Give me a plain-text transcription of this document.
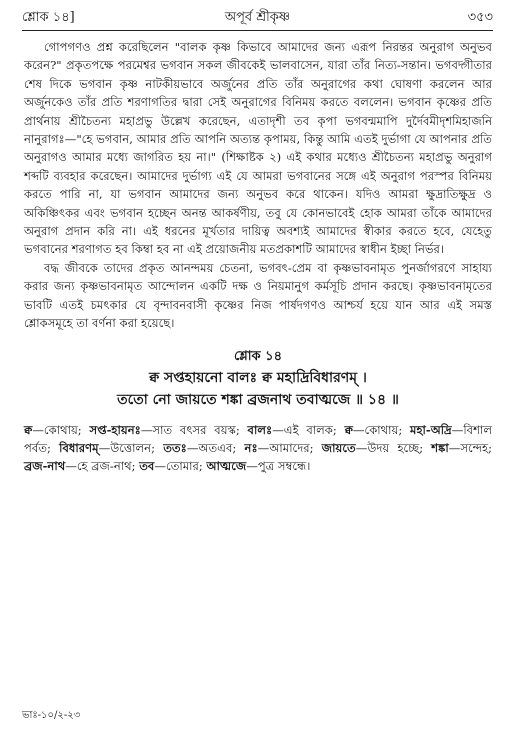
শ্লোক ১৪]	অপূর্ব শ্রীকৃষ্ণ	৩৫৩

গোপগণও প্রশ্ন করেছিলেন "বালক কৃষ্ণ কিভাবে আমাদের জন্য এরূপ নিরন্তর অনুরাগ অনুভব করেন?" প্রকৃতপক্ষে পরমেশ্বর ভগবান সকল জীবকেই ভালবাসেন, যারা তাঁর নিত্য-সন্তান। ভগবদ্গীতার শেষ দিকে ভগবান কৃষ্ণ নাটকীয়ভাবে অর্জুনের প্রতি তাঁর অনুরাগের কথা ঘোষণা করলেন আর অর্জুনকেও তাঁর প্রতি শরণাগতির দ্বারা সেই অনুরাগের বিনিময় করতে বললেন। ভগবান কৃষ্ণের প্রতি প্রার্থনায় শ্রীচৈতন্য মহাপ্রভু উল্লেখ করেছেন, এতাদৃশী তব কৃপা ভগবন্মমাপি দুর্দৈবমীদৃশমিহাজনি নানুরাগঃ—"হে ভগবান, আমার প্রতি আপনি অত্যন্ত কৃপাময়, কিন্তু আমি এতই দুর্ভাগা যে আপনার প্রতি অনুরাগও আমার মধ্যে জাগরিত হয় না।" (শিক্ষাষ্টক ২) এই কথার মধ্যেও শ্রীচৈতন্য মহাপ্রভু অনুরাগ শব্দটি ব্যবহার করেছেন। আমাদের দুর্ভাগ্য এই যে আমরা ভগবানের সঙ্গে এই অনুরাগ পরস্পর বিনিময় করতে পারি না, যা ভগবান আমাদের জন্য অনুভব করে থাকেন। যদিও আমরা ক্ষুদ্রাতিক্ষুদ্র ও অকিঞ্চিৎকর এবং ভগবান হচ্ছেন অনন্ত আকর্ষণীয়, তবু যে কোনভাবেই হোক আমরা তাঁকে আমাদের অনুরাগ প্রদান করি না। এই ধরনের মূর্খতার দায়িত্ব অবশ্যই আমাদের স্বীকার করতে হবে, যেহেতু ভগবানের শরণাগত হব কিম্বা হব না এই প্রয়োজনীয় মতপ্রকাশটি আমাদের স্বাধীন ইচ্ছা নির্ভর।

বদ্ধ জীবকে তাদের প্রকৃত আনন্দময় চেতনা, ভগবৎ-প্রেম বা কৃষ্ণভাবনামৃত পুনর্জাগরণে সাহায্য করার জন্য কৃষ্ণভাবনামৃত আন্দোলন একটি দক্ষ ও নিয়মানুগ কর্মসূচি প্রদান করছে। কৃষ্ণভাবনামৃতের ভাবটি এতই চমৎকার যে বৃন্দাবনবাসী কৃষ্ণের নিজ পার্ষদগণও আশ্চর্য হয়ে যান আর এই সমস্ত শ্লোকসমূহে তা বর্ণনা করা হয়েছে।

শ্লোক ১৪
ক্ব সপ্তহায়নো বালঃ ক্ব মহাদ্রিবিধারণম্ ।
ততো নো জায়তে শঙ্কা ব্রজনাথ তবাত্মজে ॥ ১৪ ॥
ক্ব—কোথায়; সপ্ত-হায়নঃ—সাত বৎসর বয়স্ক; বালঃ—এই বালক; ক্ব—কোথায়; মহা-অদ্রি—বিশাল পর্বত; বিধারণম্—উত্তোলন; ততঃ—অতএব; নঃ—আমাদের; জায়তে—উদয় হচ্ছে; শঙ্কা—সন্দেহ; ব্রজ-নাথ—হে ব্রজ-নাথ; তব—তোমার; আত্মজে—পুত্র সম্বন্ধে।
ভাঃ-১০/২-২৩
